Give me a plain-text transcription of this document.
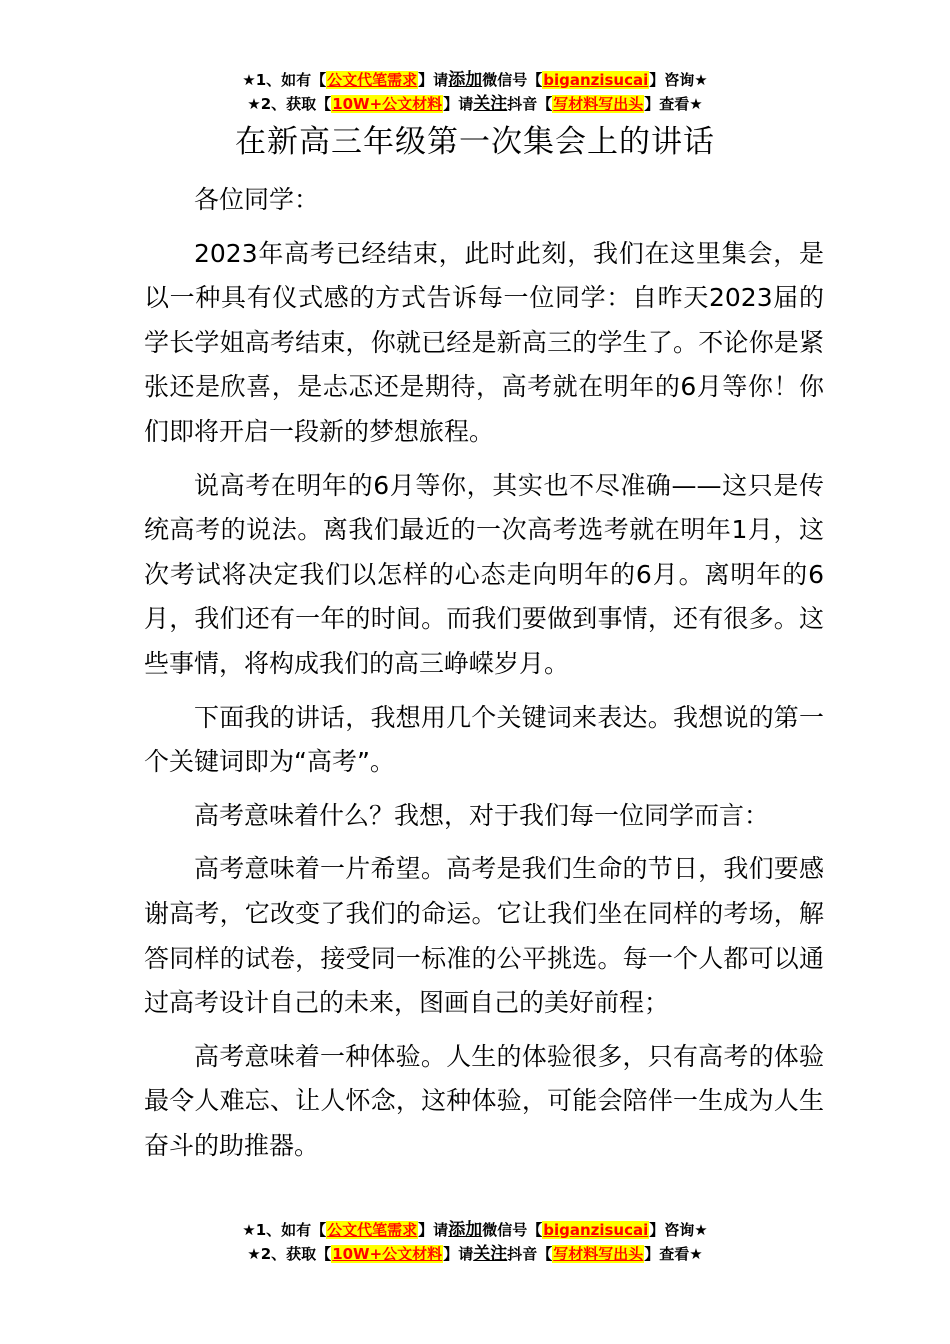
★1、如有【公文代笔需求】请添加微信号【biganzisucai】咨询★
★2、获取【10W+公文材料】请关注抖音【写材料写出头】查看★
在新高三年级第一次集会上的讲话

各位同学：

2023年高考已经结束，此时此刻，我们在这里集会，是以一种具有仪式感的方式告诉每一位同学：自昨天2023届的学长学姐高考结束，你就已经是新高三的学生了。不论你是紧张还是欣喜，是忐忑还是期待，高考就在明年的6月等你！你们即将开启一段新的梦想旅程。

说高考在明年的6月等你，其实也不尽准确——这只是传统高考的说法。离我们最近的一次高考选考就在明年1月，这次考试将决定我们以怎样的心态走向明年的6月。离明年的6月，我们还有一年的时间。而我们要做到事情，还有很多。这些事情，将构成我们的高三峥嵘岁月。

下面我的讲话，我想用几个关键词来表达。我想说的第一个关键词即为“高考”。

高考意味着什么？我想，对于我们每一位同学而言：

高考意味着一片希望。高考是我们生命的节日，我们要感谢高考，它改变了我们的命运。它让我们坐在同样的考场，解答同样的试卷，接受同一标准的公平挑选。每一个人都可以通过高考设计自己的未来，图画自己的美好前程；

高考意味着一种体验。人生的体验很多，只有高考的体验最令人难忘、让人怀念，这种体验，可能会陪伴一生成为人生奋斗的助推器。

★1、如有【公文代笔需求】请添加微信号【biganzisucai】咨询★
★2、获取【10W+公文材料】请关注抖音【写材料写出头】查看★
